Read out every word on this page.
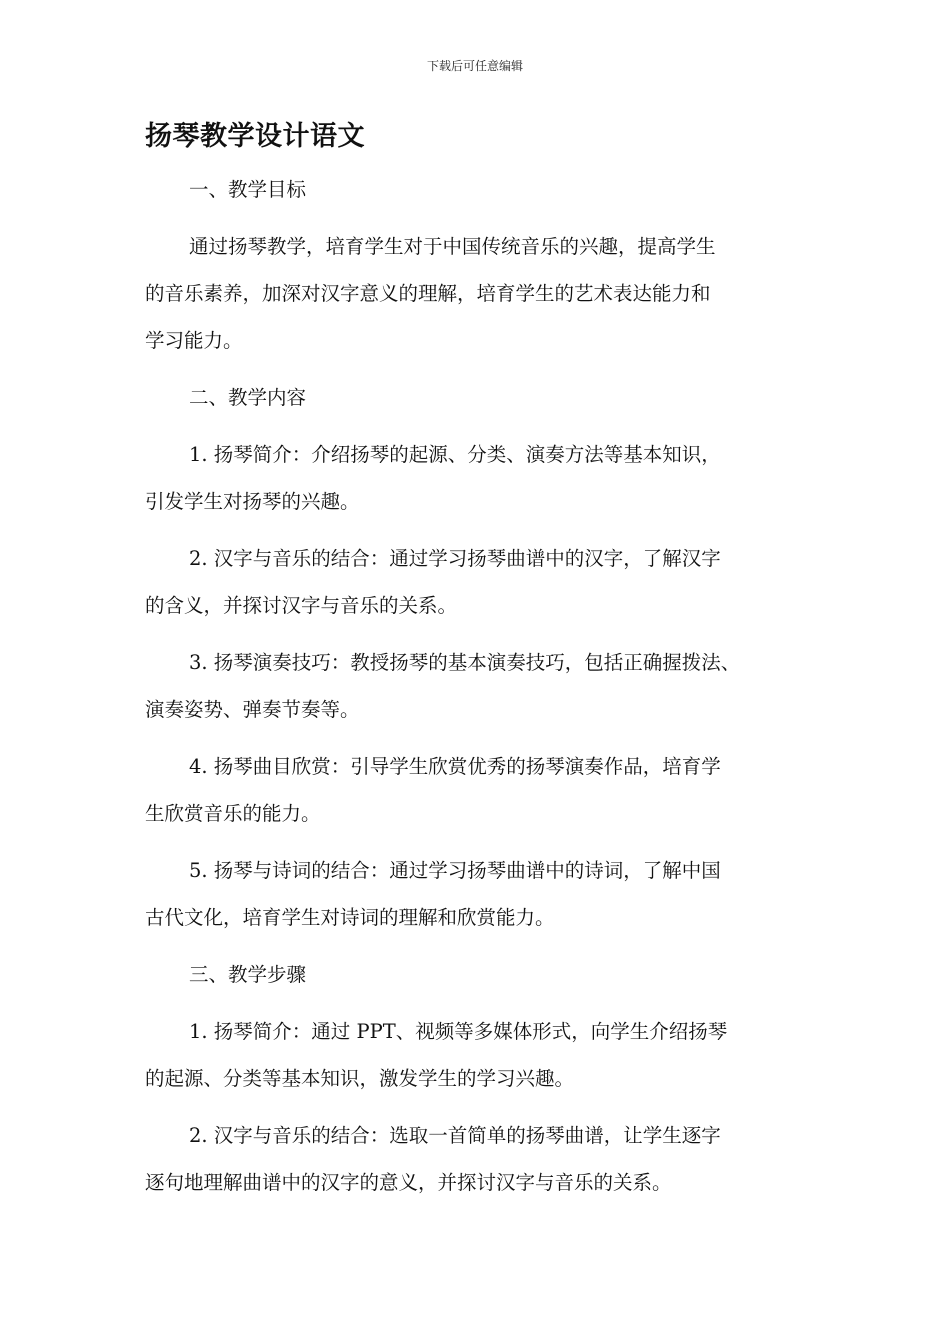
下载后可任意编辑
扬琴教学设计语文
一、教学目标
通过扬琴教学，培育学生对于中国传统音乐的兴趣，提高学生
的音乐素养，加深对汉字意义的理解，培育学生的艺术表达能力和
学习能力。
二、教学内容
1. 扬琴简介：介绍扬琴的起源、分类、演奏方法等基本知识，
引发学生对扬琴的兴趣。
2. 汉字与音乐的结合：通过学习扬琴曲谱中的汉字，了解汉字
的含义，并探讨汉字与音乐的关系。
3. 扬琴演奏技巧：教授扬琴的基本演奏技巧，包括正确握拨法、
演奏姿势、弹奏节奏等。
4. 扬琴曲目欣赏：引导学生欣赏优秀的扬琴演奏作品，培育学
生欣赏音乐的能力。
5. 扬琴与诗词的结合：通过学习扬琴曲谱中的诗词，了解中国
古代文化，培育学生对诗词的理解和欣赏能力。
三、教学步骤
1. 扬琴简介：通过 PPT、视频等多媒体形式，向学生介绍扬琴
的起源、分类等基本知识，激发学生的学习兴趣。
2. 汉字与音乐的结合：选取一首简单的扬琴曲谱，让学生逐字
逐句地理解曲谱中的汉字的意义，并探讨汉字与音乐的关系。
